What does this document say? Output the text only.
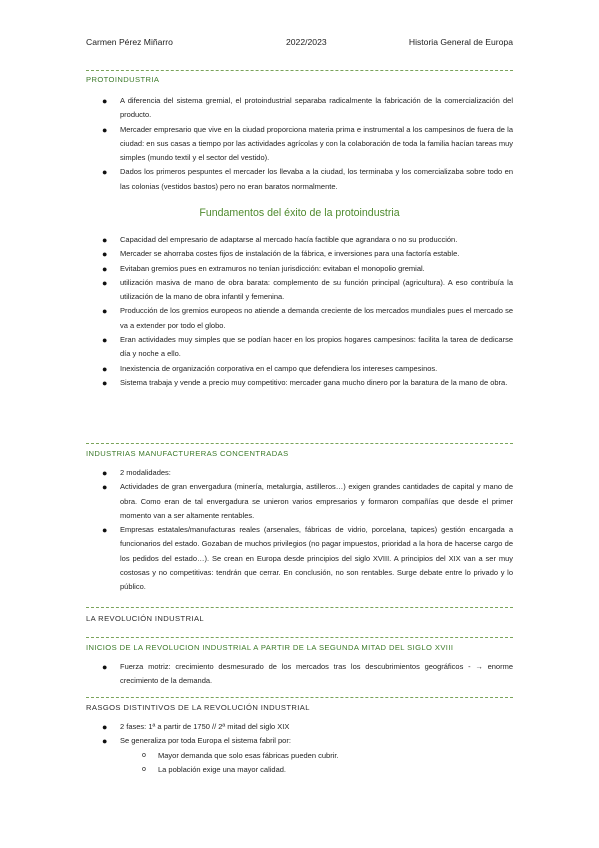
Carmen Pérez Miñarro	2022/2023	Historia General de Europa
PROTOINDUSTRIA
● A diferencia del sistema gremial, el protoindustrial separaba radicalmente la fabricación de la comercialización del producto.
● Mercader empresario que vive en la ciudad proporciona materia prima e instrumental a los campesinos de fuera de la ciudad: en sus casas a tiempo por las actividades agrícolas y con la colaboración de toda la familia hacían tareas muy simples (mundo textil y el sector del vestido).
● Dados los primeros pespuntes el mercader los llevaba a la ciudad, los terminaba y los comercializaba sobre todo en las colonias (vestidos bastos) pero no eran baratos normalmente.
Fundamentos del éxito de la protoindustria
● Capacidad del empresario de adaptarse al mercado hacía factible que agrandara o no su producción.
● Mercader se ahorraba costes fijos de instalación de la fábrica, e inversiones para una factoría estable.
● Evitaban gremios pues en extramuros no tenían jurisdicción: evitaban el monopolio gremial.
● utilización masiva de mano de obra barata: complemento de su función principal (agricultura). A eso contribuía la utilización de la mano de obra infantil y femenina.
● Producción de los gremios europeos no atiende a demanda creciente de los mercados mundiales pues el mercado se va a extender por todo el globo.
● Eran actividades muy simples que se podían hacer en los propios hogares campesinos: facilita la tarea de dedicarse día y noche a ello.
● Inexistencia de organización corporativa en el campo que defendiera los intereses campesinos.
● Sistema trabaja y vende a precio muy competitivo: mercader gana mucho dinero por la baratura de la mano de obra.
INDUSTRIAS MANUFACTURERAS CONCENTRADAS
● 2 modalidades:
● Actividades de gran envergadura (minería, metalurgia, astilleros…) exigen grandes cantidades de capital y mano de obra. Como eran de tal envergadura se unieron varios empresarios y formaron compañías que desde el primer momento van a ser altamente rentables.
● Empresas estatales/manufacturas reales (arsenales, fábricas de vidrio, porcelana, tapices) gestión encargada a funcionarios del estado. Gozaban de muchos privilegios (no pagar impuestos, prioridad a la hora de hacerse cargo de los pedidos del estado…). Se crean en Europa desde principios del siglo XVIII. A principios del XIX van a ser muy costosas y no competitivas: tendrán que cerrar. En conclusión, no son rentables. Surge debate entre lo privado y lo público.
LA REVOLUCIÓN INDUSTRIAL
INICIOS DE LA REVOLUCION INDUSTRIAL A PARTIR DE LA SEGUNDA MITAD DEL SIGLO XVIII
● Fuerza motriz: crecimiento desmesurado de los mercados tras los descubrimientos geográficos - → enorme crecimiento de la demanda.
RASGOS DISTINTIVOS DE LA REVOLUCIÓN INDUSTRIAL
● 2 fases: 1ª a partir de 1750 // 2ª mitad del siglo XIX
● Se generaliza por toda Europa el sistema fabril por:
o Mayor demanda que solo esas fábricas pueden cubrir.
o La población exige una mayor calidad.
